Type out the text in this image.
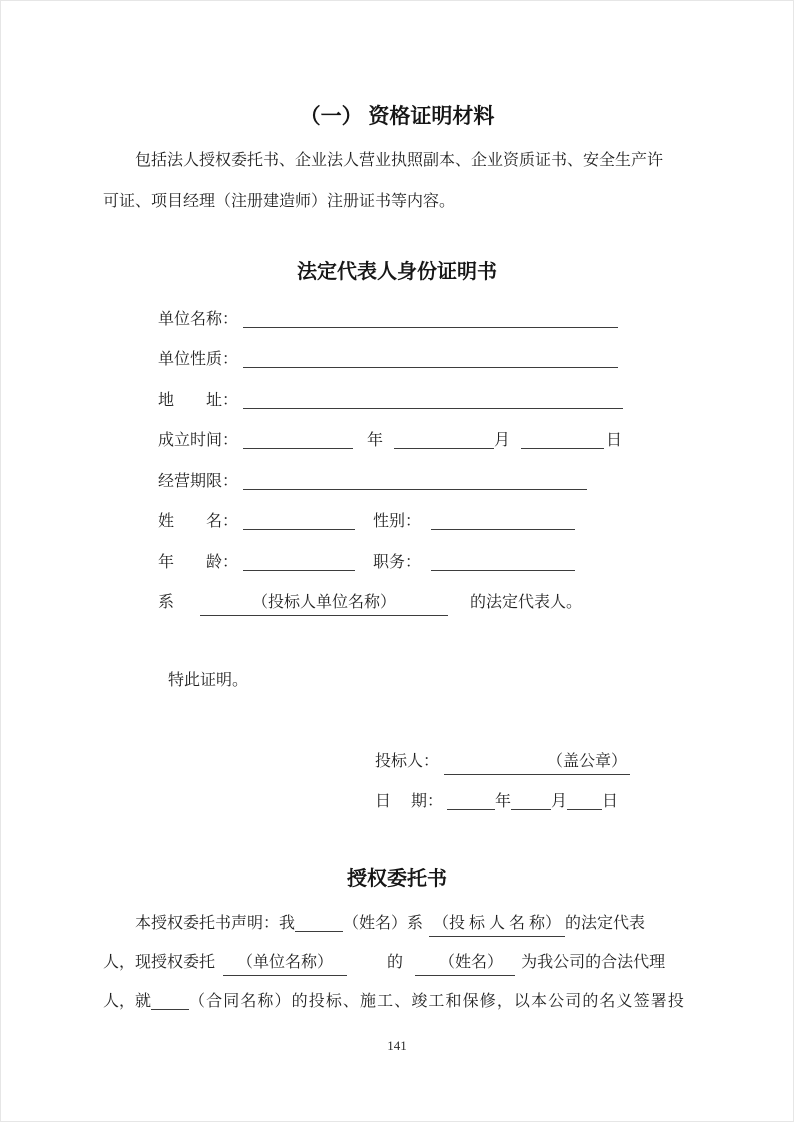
（一） 资格证明材料
包括法人授权委托书、企业法人营业执照副本、企业资质证书、安全生产许
可证、项目经理（注册建造师）注册证书等内容。
法定代表人身份证明书
单位名称：
单位性质：
地 址：
成立时间：	年	月	日
经营期限：
姓 名：	性别：
年 龄：	职务：
系	（投标人单位名称）	的法定代表人。
特此证明。
投标人：	（盖公章）
日 期：	年	月 日
授权委托书
本授权委托书声明：我	（姓名）系 （投 标 人 名 称） 的法定代表
人，现授权委托 （单位名称）	的 （姓名） 为我公司的合法代理
人，就 （合同名称）的投标、施工、竣工和保修，以本公司的名义签署投
141
